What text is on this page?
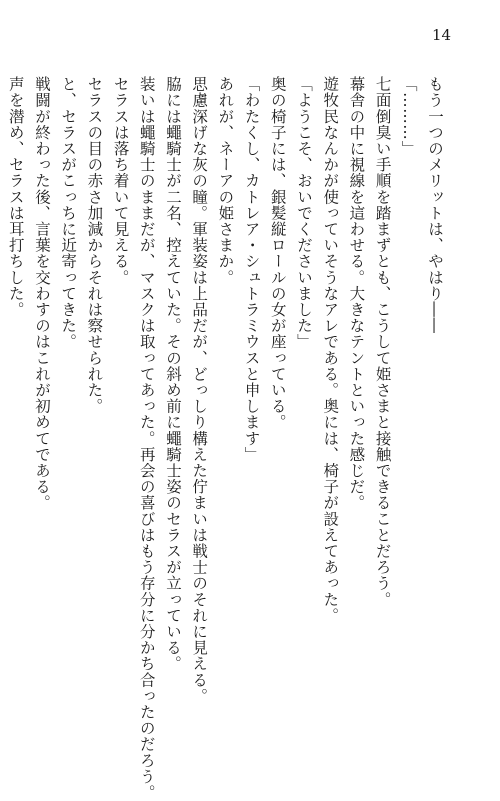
14
もう一つのメリットは、やはり――
「………」
七面倒臭い手順を踏まずとも、こうして姫さまと接触できることだろう。
幕舎の中に視線を這わせる。大きなテントといった感じだ。
遊牧民なんかが使っていそうなアレである。奥には、椅子が設えてあった。
「ようこそ、おいでくださいました」
奥の椅子には、銀髪縦ロールの女が座っている。
「わたくし、カトレア・シュトラミウスと申します」
あれが、ネーアの姫さまか。
思慮深げな灰の瞳。軍装姿は上品だが、どっしり構えた佇まいは戦士のそれに見える。
脇には蠅騎士が二名、控えていた。その斜め前に蠅騎士姿のセラスが立っている。
装いは蠅騎士のままだが、マスクは取ってあった。再会の喜びはもう存分に分かち合ったのだろう。
セラスは落ち着いて見える。
セラスの目の赤さ加減からそれは察せられた。
と、セラスがこっちに近寄ってきた。
戦闘が終わった後、言葉を交わすのはこれが初めてである。
声を潜め、セラスは耳打ちした。
